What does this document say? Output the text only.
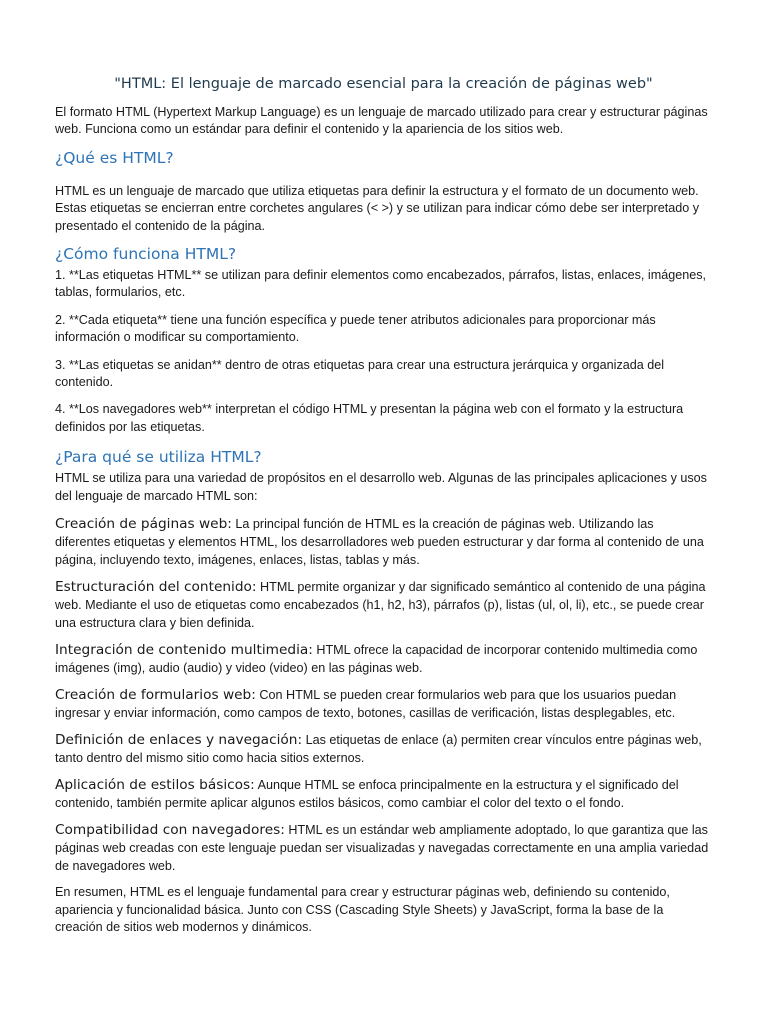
"HTML: El lenguaje de marcado esencial para la creación de páginas web"

El formato HTML (Hypertext Markup Language) es un lenguaje de marcado utilizado para crear y estructurar páginas web. Funciona como un estándar para definir el contenido y la apariencia de los sitios web.

¿Qué es HTML?

HTML es un lenguaje de marcado que utiliza etiquetas para definir la estructura y el formato de un documento web. Estas etiquetas se encierran entre corchetes angulares (< >) y se utilizan para indicar cómo debe ser interpretado y presentado el contenido de la página.

¿Cómo funciona HTML?

1. **Las etiquetas HTML** se utilizan para definir elementos como encabezados, párrafos, listas, enlaces, imágenes, tablas, formularios, etc.

2. **Cada etiqueta** tiene una función específica y puede tener atributos adicionales para proporcionar más información o modificar su comportamiento.

3. **Las etiquetas se anidan** dentro de otras etiquetas para crear una estructura jerárquica y organizada del contenido.

4. **Los navegadores web** interpretan el código HTML y presentan la página web con el formato y la estructura definidos por las etiquetas.

¿Para qué se utiliza HTML?

HTML se utiliza para una variedad de propósitos en el desarrollo web. Algunas de las principales aplicaciones y usos del lenguaje de marcado HTML son:

Creación de páginas web: La principal función de HTML es la creación de páginas web. Utilizando las diferentes etiquetas y elementos HTML, los desarrolladores web pueden estructurar y dar forma al contenido de una página, incluyendo texto, imágenes, enlaces, listas, tablas y más.

Estructuración del contenido: HTML permite organizar y dar significado semántico al contenido de una página web. Mediante el uso de etiquetas como encabezados (h1, h2, h3), párrafos (p), listas (ul, ol, li), etc., se puede crear una estructura clara y bien definida.

Integración de contenido multimedia: HTML ofrece la capacidad de incorporar contenido multimedia como imágenes (img), audio (audio) y video (video) en las páginas web.

Creación de formularios web: Con HTML se pueden crear formularios web para que los usuarios puedan ingresar y enviar información, como campos de texto, botones, casillas de verificación, listas desplegables, etc.

Definición de enlaces y navegación: Las etiquetas de enlace (a) permiten crear vínculos entre páginas web, tanto dentro del mismo sitio como hacia sitios externos.

Aplicación de estilos básicos: Aunque HTML se enfoca principalmente en la estructura y el significado del contenido, también permite aplicar algunos estilos básicos, como cambiar el color del texto o el fondo.

Compatibilidad con navegadores: HTML es un estándar web ampliamente adoptado, lo que garantiza que las páginas web creadas con este lenguaje puedan ser visualizadas y navegadas correctamente en una amplia variedad de navegadores web.

En resumen, HTML es el lenguaje fundamental para crear y estructurar páginas web, definiendo su contenido, apariencia y funcionalidad básica. Junto con CSS (Cascading Style Sheets) y JavaScript, forma la base de la creación de sitios web modernos y dinámicos.
